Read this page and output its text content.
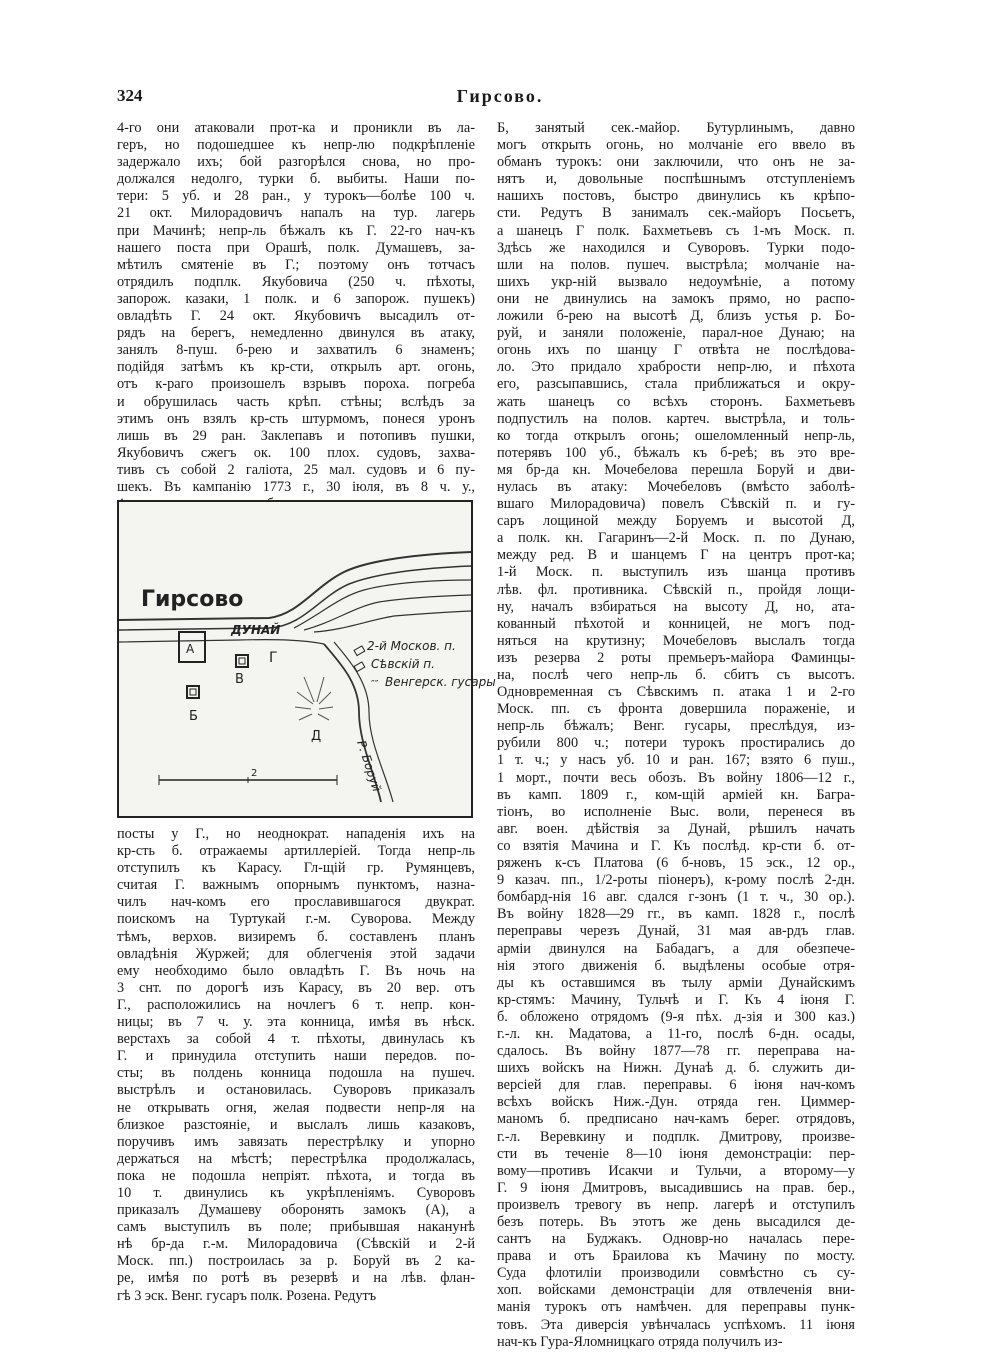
324	Гирсово.
4-го они атаковали прот-ка и проникли въ ла-
геръ, но подошедшее къ непр-лю подкрѣпленіе
задержало ихъ; бой разгорѣлся снова, но про-
должался недолго, турки б. выбиты. Наши по-
тери: 5 уб. и 28 ран., у турокъ—болѣе 100 ч.
21 окт. Милорадовичъ напалъ на тур. лагерь
при Мачинѣ; непр-ль бѣжалъ къ Г. 22-го нач-къ
нашего поста при Орашѣ, полк. Думашевъ, за-
мѣтилъ смятеніе въ Г.; поэтому онъ тотчасъ
отрядилъ подплк. Якубовича (250 ч. пѣхоты,
запорож. казаки, 1 полк. и 6 запорож. пушекъ)
овладѣть Г. 24 окт. Якубовичъ высадилъ от-
рядъ на берегъ, немедленно двинулся въ атаку,
занялъ 8-пуш. б-рею и захватилъ 6 знаменъ;
подійдя затѣмъ къ кр-сти, открылъ арт. огонь,
отъ к-раго произошелъ взрывъ пороха. погреба
и обрушилась часть крѣп. стѣны; вслѣдъ за
этимъ онъ взялъ кр-сть штурмомъ, понеся уронъ
лишь въ 29 ран. Заклепавъ и потопивъ пушки,
Якубовичъ сжегъ ок. 100 плох. судовъ, захва-
тивъ съ собой 2 галіота, 25 мал. судовъ и 6 пу-
шекъ. Въ кампанію 1773 г., 30 іюля, въ 8 ч. у.,
Гирсово
ДУНАЙ
А
В
Б
Г
Д
2-й Москов. п.
Сѣвскій п.
″″ Венгерск. гусары
Р. Боруй
2
посты у Г., но неоднократ. нападенія ихъ на
кр-сть б. отражаемы артиллеріей. Тогда непр-ль
отступилъ къ Карасу. Гл-щій гр. Румянцевъ,
считая Г. важнымъ опорнымъ пунктомъ, назна-
чилъ нач-комъ его прославившагося двукрат.
поискомъ на Туртукай г.-м. Суворова. Между
тѣмъ, верхов. визиремъ б. составленъ планъ
овладѣнія Журжей; для облегченія этой задачи
ему необходимо было овладѣть Г. Въ ночь на
3 снт. по дорогѣ изъ Карасу, въ 20 вер. отъ
Г., расположились на ночлегъ 6 т. непр. кон-
ницы; въ 7 ч. у. эта конница, имѣя въ нѣск.
верстахъ за собой 4 т. пѣхоты, двинулась къ
Г. и принудила отступить наши передов. по-
сты; въ полдень конница подошла на пушеч.
выстрѣлъ и остановилась. Суворовъ приказалъ
не открывать огня, желая подвести непр-ля на
близкое разстояніе, и выслалъ лишь казаковъ,
поручивъ имъ завязать перестрѣлку и упорно
держаться на мѣстѣ; перестрѣлка продолжалась,
пока не подошла непріят. пѣхота, и тогда въ
10 т. двинулись къ укрѣпленіямъ. Суворовъ
приказалъ Думашеву оборонять замокъ (А), а
самъ выступилъ въ поле; прибывшая наканунѣ
нѣ бр-да г.-м. Милорадовича (Сѣвскій и 2-й
Моск. пп.) построилась за р. Боруй въ 2 ка-
ре, имѣя по ротѣ въ резервѣ и на лѣв. флан-
гѣ 3 эск. Венг. гусаръ полк. Розена. Редутъ
Б, занятый сек.-майор. Бутурлинымъ, давно
могъ открыть огонь, но молчаніе его ввело въ
обманъ турокъ: они заключили, что онъ не за-
нятъ и, довольные поспѣшнымъ отступленіемъ
нашихъ постовъ, быстро двинулись къ крѣпо-
сти. Редутъ В занималъ сек.-майоръ Посьетъ,
а шанецъ Г полк. Бахметьевъ съ 1-мъ Моск. п.
Здѣсь же находился и Суворовъ. Турки подо-
шли на полов. пушеч. выстрѣла; молчаніе на-
шихъ укр-ній вызвало недоумѣніе, а потому
они не двинулись на замокъ прямо, но распо-
ложили б-рею на высотѣ Д, близъ устья р. Бо-
руй, и заняли положеніе, парал-ное Дунаю; на
огонь ихъ по шанцу Г отвѣта не послѣдова-
ло. Это придало храбрости непр-лю, и пѣхота
его, разсыпавшись, стала приближаться и окру-
жать шанецъ со всѣхъ сторонъ. Бахметьевъ
подпустилъ на полов. картеч. выстрѣла, и толь-
ко тогда открылъ огонь; ошеломленный непр-ль,
потерявъ 100 уб., бѣжалъ къ б-реѣ; въ это вре-
мя бр-да кн. Мочебелова перешла Боруй и дви-
нулась въ атаку: Мочебеловъ (вмѣсто заболѣ-
вшаго Милорадовича) повелъ Сѣвскій п. и гу-
саръ лощиной между Боруемъ и высотой Д,
а полк. кн. Гагаринъ—2-й Моск. п. по Дунаю,
между ред. В и шанцемъ Г на центръ прот-ка;
1-й Моск. п. выступилъ изъ шанца противъ
лѣв. фл. противника. Сѣвскій п., пройдя лощи-
ну, началъ взбираться на высоту Д, но, ата-
кованный пѣхотой и конницей, не могъ под-
няться на крутизну; Мочебеловъ выслалъ тогда
изъ резерва 2 роты премьеръ-майора Фаминцы-
на, послѣ чего непр-ль б. сбитъ съ высотъ.
Одновременная съ Сѣвскимъ п. атака 1 и 2-го
Моск. пп. съ фронта довершила пораженіе, и
непр-ль бѣжалъ; Венг. гусары, преслѣдуя, из-
рубили 800 ч.; потери турокъ простирались до
1 т. ч.; у насъ уб. 10 и ран. 167; взято 6 пуш.,
1 морт., почти весь обозъ. Въ войну 1806—12 г.,
въ камп. 1809 г., ком-щій арміей кн. Багра-
тіонъ, во исполненіе Выс. воли, перенеся въ
авг. воен. дѣйствія за Дунай, рѣшилъ начать
со взятія Мачина и Г. Къ послѣд. кр-сти б. от-
ряженъ к-съ Платова (6 б-новъ, 15 эск., 12 ор.,
9 казач. пп., 1/2-роты піонеръ), к-рому послѣ 2-дн.
бомбард-нія 16 авг. сдался г-зонъ (1 т. ч., 30 ор.).
Въ войну 1828—29 гг., въ камп. 1828 г., послѣ
переправы черезъ Дунай, 31 мая ав-рдъ глав.
арміи двинулся на Бабадагъ, а для обезпече-
нія этого движенія б. выдѣлены особые отря-
ды къ оставшимся въ тылу арміи Дунайскимъ
кр-стямъ: Мачину, Тульчѣ и Г. Къ 4 іюня Г.
б. обложено отрядомъ (9-я пѣх. д-зія и 300 каз.)
г.-л. кн. Мадатова, а 11-го, послѣ 6-дн. осады,
сдалось. Въ войну 1877—78 гг. переправа на-
шихъ войскъ на Нижн. Дунаѣ д. б. служить ди-
версіей для глав. переправы. 6 іюня нач-комъ
всѣхъ войскъ Ниж.-Дун. отряда ген. Циммер-
маномъ б. предписано нач-камъ берег. отрядовъ,
г.-л. Веревкину и подплк. Дмитрову, произве-
сти въ теченіе 8—10 іюня демонстраціи: пер-
вому—противъ Исакчи и Тульчи, а второму—у
Г. 9 іюня Дмитровъ, высадившись на прав. бер.,
произвелъ тревогу въ непр. лагерѣ и отступилъ
безъ потерь. Въ этотъ же день высадился де-
сантъ на Буджакъ. Одновр-но началась пере-
права и отъ Браилова къ Мачину по мосту.
Суда флотиліи производили совмѣстно съ су-
хоп. войсками демонстраціи для отвлеченія вни-
манія турокъ отъ намѣчен. для переправы пунк-
товъ. Эта диверсія увѣнчалась успѣхомъ. 11 іюня
нач-къ Гура-Яломницкаго отряда получилъ из-
